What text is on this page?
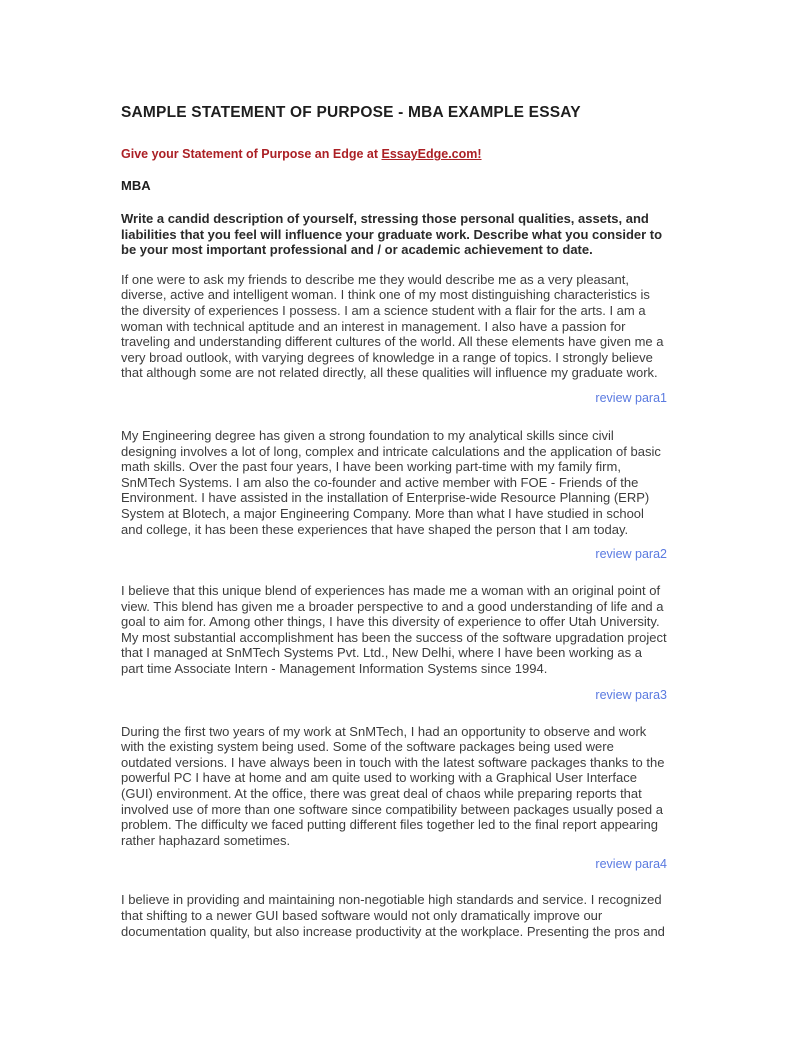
SAMPLE STATEMENT OF PURPOSE - MBA EXAMPLE ESSAY

Give your Statement of Purpose an Edge at EssayEdge.com!

MBA

Write a candid description of yourself, stressing those personal qualities, assets, and liabilities that you feel will influence your graduate work. Describe what you consider to be your most important professional and / or academic achievement to date.

If one were to ask my friends to describe me they would describe me as a very pleasant, diverse, active and intelligent woman. I think one of my most distinguishing characteristics is the diversity of experiences I possess. I am a science student with a flair for the arts. I am a woman with technical aptitude and an interest in management. I also have a passion for traveling and understanding different cultures of the world. All these elements have given me a very broad outlook, with varying degrees of knowledge in a range of topics. I strongly believe that although some are not related directly, all these qualities will influence my graduate work.

review para1

My Engineering degree has given a strong foundation to my analytical skills since civil designing involves a lot of long, complex and intricate calculations and the application of basic math skills. Over the past four years, I have been working part-time with my family firm, SnMTech Systems. I am also the co-founder and active member with FOE - Friends of the Environment. I have assisted in the installation of Enterprise-wide Resource Planning (ERP) System at Blotech, a major Engineering Company. More than what I have studied in school and college, it has been these experiences that have shaped the person that I am today.

review para2

I believe that this unique blend of experiences has made me a woman with an original point of view. This blend has given me a broader perspective to and a good understanding of life and a goal to aim for. Among other things, I have this diversity of experience to offer Utah University. My most substantial accomplishment has been the success of the software upgradation project that I managed at SnMTech Systems Pvt. Ltd., New Delhi, where I have been working as a part time Associate Intern - Management Information Systems since 1994.

review para3

During the first two years of my work at SnMTech, I had an opportunity to observe and work with the existing system being used. Some of the software packages being used were outdated versions. I have always been in touch with the latest software packages thanks to the powerful PC I have at home and am quite used to working with a Graphical User Interface (GUI) environment. At the office, there was great deal of chaos while preparing reports that involved use of more than one software since compatibility between packages usually posed a problem. The difficulty we faced putting different files together led to the final report appearing rather haphazard sometimes.

review para4

I believe in providing and maintaining non-negotiable high standards and service. I recognized that shifting to a newer GUI based software would not only dramatically improve our documentation quality, but also increase productivity at the workplace. Presenting the pros and
